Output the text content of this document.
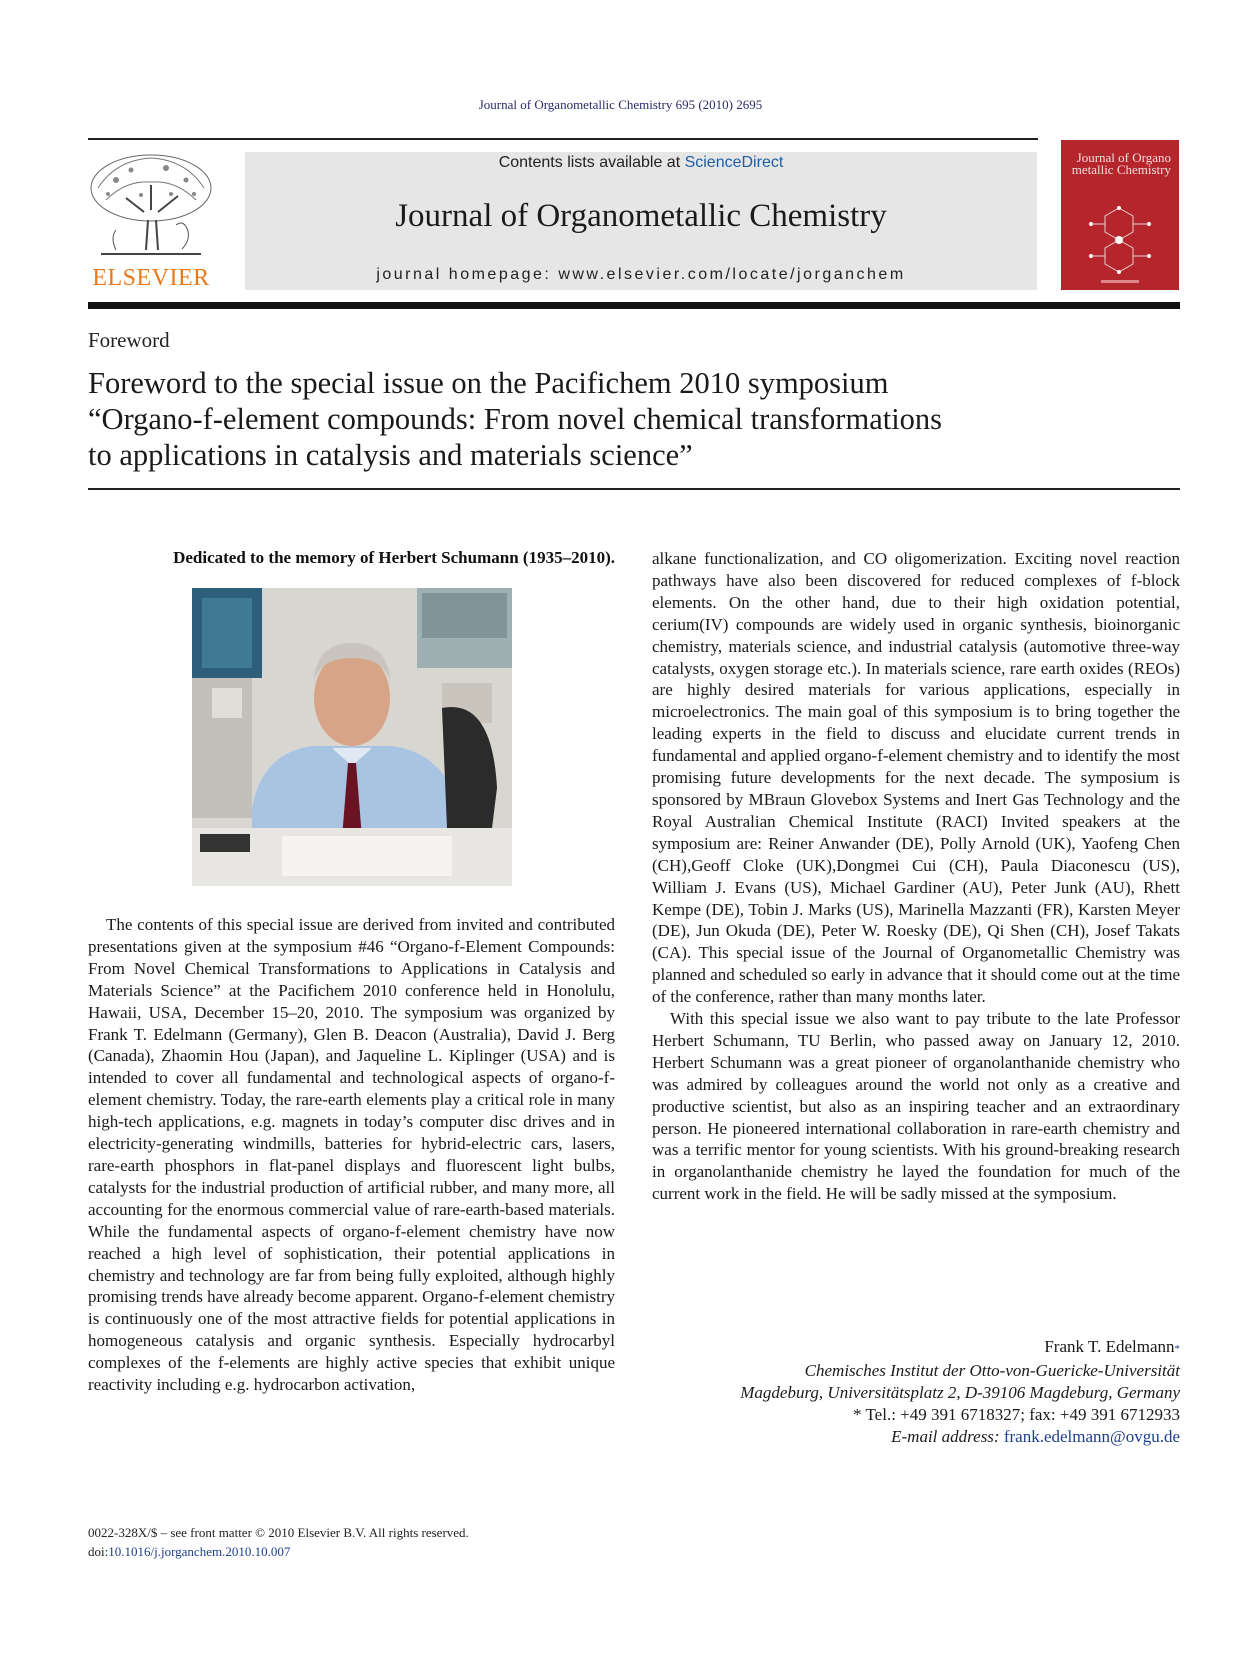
Journal of Organometallic Chemistry 695 (2010) 2695
ELSEVIER
Contents lists available at ScienceDirect
Journal of Organometallic Chemistry
journal homepage: www.elsevier.com/locate/jorganchem
Journal of Organo metallic Chemistry
Foreword
Foreword to the special issue on the Pacifichem 2010 symposium
“Organo-f-element compounds: From novel chemical transformations
to applications in catalysis and materials science”
Dedicated to the memory of Herbert Schumann (1935–2010).

The contents of this special issue are derived from invited and contributed presentations given at the symposium #46 “Organo-f-Element Compounds: From Novel Chemical Transformations to Applications in Catalysis and Materials Science” at the Pacifichem 2010 conference held in Honolulu, Hawaii, USA, December 15–20, 2010. The symposium was organized by Frank T. Edelmann (Germany), Glen B. Deacon (Australia), David J. Berg (Canada), Zhaomin Hou (Japan), and Jaqueline L. Kiplinger (USA) and is intended to cover all fundamental and technological aspects of organo-f-element chemistry. Today, the rare-earth elements play a critical role in many high-tech applications, e.g. magnets in today’s computer disc drives and in electricity-generating windmills, batteries for hybrid-electric cars, lasers, rare-earth phosphors in flat-panel displays and fluorescent light bulbs, catalysts for the industrial production of artificial rubber, and many more, all accounting for the enormous commercial value of rare-earth-based materials. While the fundamental aspects of organo-f-element chemistry have now reached a high level of sophistication, their potential applications in chemistry and technology are far from being fully exploited, although highly promising trends have already become apparent. Organo-f-element chemistry is continuously one of the most attractive fields for potential applications in homogeneous catalysis and organic synthesis. Especially hydrocarbyl complexes of the f-elements are highly active species that exhibit unique reactivity including e.g. hydrocarbon activation,

alkane functionalization, and CO oligomerization. Exciting novel reaction pathways have also been discovered for reduced complexes of f-block elements. On the other hand, due to their high oxidation potential, cerium(IV) compounds are widely used in organic synthesis, bioinorganic chemistry, materials science, and industrial catalysis (automotive three-way catalysts, oxygen storage etc.). In materials science, rare earth oxides (REOs) are highly desired materials for various applications, especially in microelectronics. The main goal of this symposium is to bring together the leading experts in the field to discuss and elucidate current trends in fundamental and applied organo-f-element chemistry and to identify the most promising future developments for the next decade. The symposium is sponsored by MBraun Glovebox Systems and Inert Gas Technology and the Royal Australian Chemical Institute (RACI) Invited speakers at the symposium are: Reiner Anwander (DE), Polly Arnold (UK), Yaofeng Chen (CH),Geoff Cloke (UK),Dongmei Cui (CH), Paula Diaconescu (US), William J. Evans (US), Michael Gardiner (AU), Peter Junk (AU), Rhett Kempe (DE), Tobin J. Marks (US), Marinella Mazzanti (FR), Karsten Meyer (DE), Jun Okuda (DE), Peter W. Roesky (DE), Qi Shen (CH), Josef Takats (CA). This special issue of the Journal of Organometallic Chemistry was planned and scheduled so early in advance that it should come out at the time of the conference, rather than many months later.

With this special issue we also want to pay tribute to the late Professor Herbert Schumann, TU Berlin, who passed away on January 12, 2010. Herbert Schumann was a great pioneer of organolanthanide chemistry who was admired by colleagues around the world not only as a creative and productive scientist, but also as an inspiring teacher and an extraordinary person. He pioneered international collaboration in rare-earth chemistry and was a terrific mentor for young scientists. With his ground-breaking research in organolanthanide chemistry he layed the foundation for much of the current work in the field. He will be sadly missed at the symposium.

Frank T. Edelmann*
Chemisches Institut der Otto-von-Guericke-Universität
Magdeburg, Universitätsplatz 2, D-39106 Magdeburg, Germany
* Tel.: +49 391 6718327; fax: +49 391 6712933
E-mail address: frank.edelmann@ovgu.de
0022-328X/$ – see front matter © 2010 Elsevier B.V. All rights reserved.
doi:10.1016/j.jorganchem.2010.10.007
